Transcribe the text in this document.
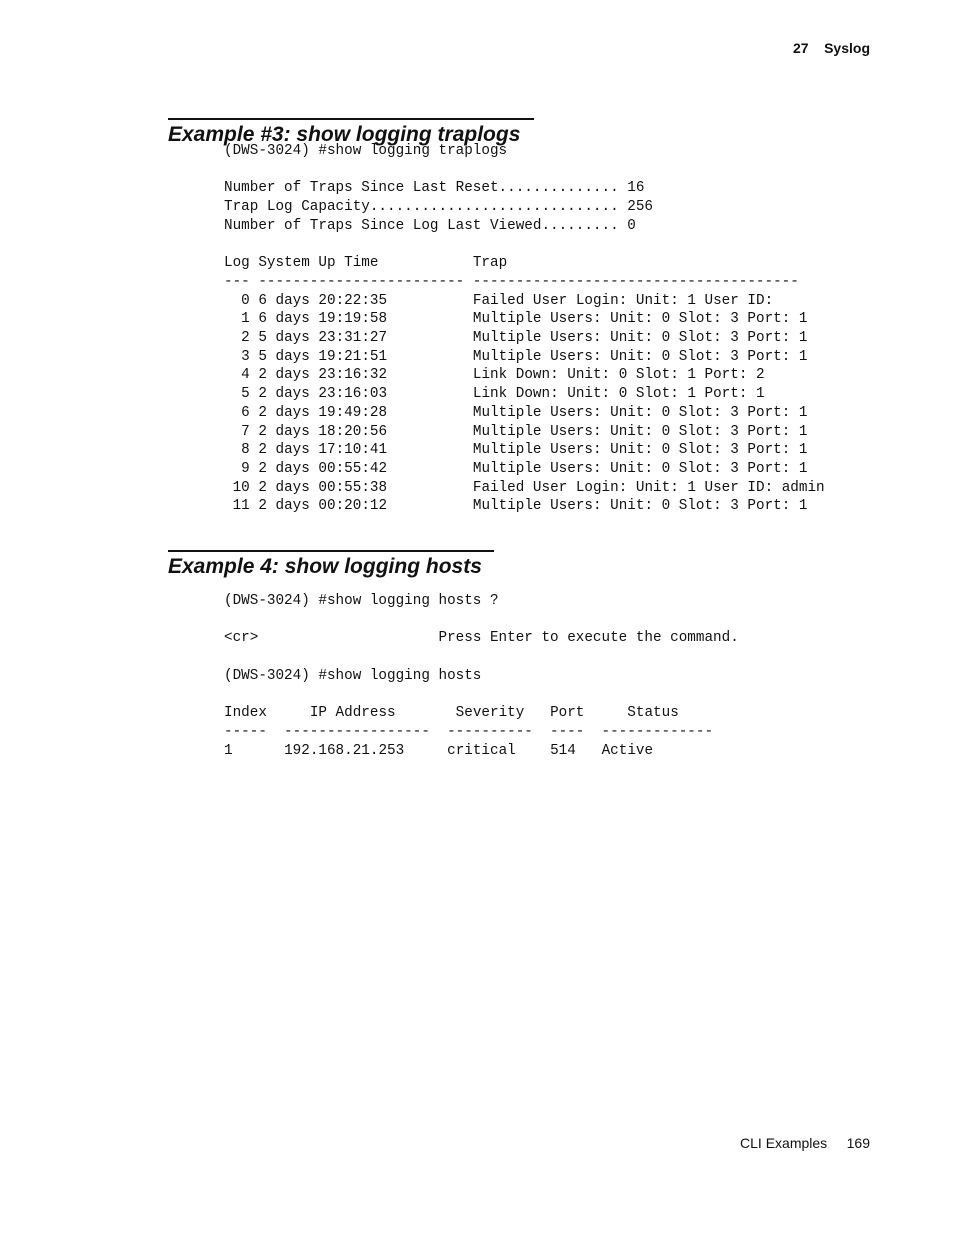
27 Syslog
Example #3: show logging traplogs
(DWS-3024) #show logging traplogs

Number of Traps Since Last Reset.............. 16
Trap Log Capacity............................. 256
Number of Traps Since Log Last Viewed......... 0

Log System Up Time	Trap
--- ------------------------ --------------------------------------
0 6 days 20:22:35	Failed User Login: Unit: 1 User ID:
1 6 days 19:19:58	Multiple Users: Unit: 0 Slot: 3 Port: 1
2 5 days 23:31:27	Multiple Users: Unit: 0 Slot: 3 Port: 1
3 5 days 19:21:51	Multiple Users: Unit: 0 Slot: 3 Port: 1
4 2 days 23:16:32	Link Down: Unit: 0 Slot: 1 Port: 2
5 2 days 23:16:03	Link Down: Unit: 0 Slot: 1 Port: 1
6 2 days 19:49:28	Multiple Users: Unit: 0 Slot: 3 Port: 1
7 2 days 18:20:56	Multiple Users: Unit: 0 Slot: 3 Port: 1
8 2 days 17:10:41	Multiple Users: Unit: 0 Slot: 3 Port: 1
9 2 days 00:55:42	Multiple Users: Unit: 0 Slot: 3 Port: 1
10 2 days 00:55:38	Failed User Login: Unit: 1 User ID: admin
11 2 days 00:20:12	Multiple Users: Unit: 0 Slot: 3 Port: 1
Example 4: show logging hosts
(DWS-3024) #show logging hosts ?

<cr>	Press Enter to execute the command.

(DWS-3024) #show logging hosts

Index	IP Address	Severity Port	Status
-----  -----------------  ----------  ----  -------------
1	192.168.21.253	critical 514 Active
CLI Examples 169
